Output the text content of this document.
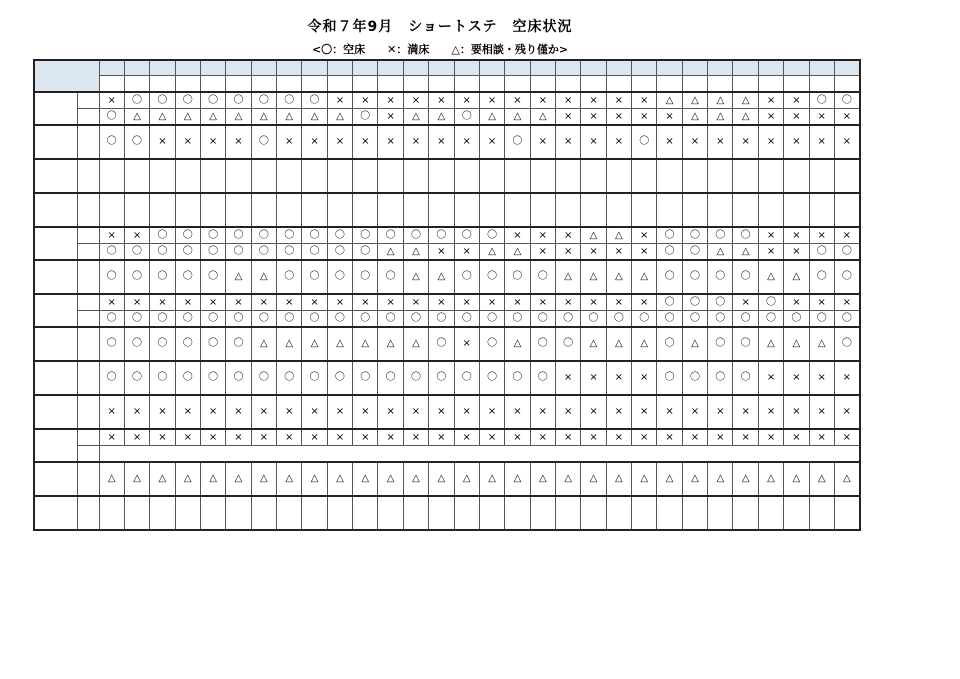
令和７年9月　ショートステ　空床状況
<〇：空床　　✕：満床　　△：要相談・残り僅か>

		×	〇	〇	〇	〇	〇	〇	〇	〇	×	×	×	×	×	×	×	×	×	×	×	×	×	△	△	△	△	×	×	〇	〇
		〇	△	△	△	△	△	△	△	△	△	〇	×	△	△	〇	△	△	△	×	×	×	×	×	△	△	△	×	×	×	×
		〇	〇	×	×	×	×	〇	×	×	×	×	×	×	×	×	×	〇	×	×	×	×	〇	×	×	×	×	×	×	×	×

		×	×	〇	〇	〇	〇	〇	〇	〇	〇	〇	〇	〇	〇	〇	〇	×	×	×	△	△	×	〇	〇	〇	〇	×	×	×	×
		〇	〇	〇	〇	〇	〇	〇	〇	〇	〇	〇	△	△	×	×	△	△	×	×	×	×	×	〇	〇	△	△	×	×	〇	〇
		〇	〇	〇	〇	〇	△	△	〇	〇	〇	〇	〇	△	△	〇	〇	〇	〇	△	△	△	△	〇	〇	〇	〇	△	△	〇	〇
		×	×	×	×	×	×	×	×	×	×	×	×	×	×	×	×	×	×	×	×	×	×	〇	〇	〇	×	〇	×	×	×
		〇	〇	〇	〇	〇	〇	〇	〇	〇	〇	〇	〇	〇	〇	〇	〇	〇	〇	〇	〇	〇	〇	〇	〇	〇	〇	〇	〇	〇	〇
		〇	〇	〇	〇	〇	〇	△	△	△	△	△	△	△	〇	×	〇	△	〇	〇	△	△	△	〇	△	〇	〇	△	△	△	〇
		〇	〇	〇	〇	〇	〇	〇	〇	〇	〇	〇	〇	〇	〇	〇	〇	〇	〇	×	×	×	×	〇	〇	〇	〇	×	×	×	×
		×	×	×	×	×	×	×	×	×	×	×	×	×	×	×	×	×	×	×	×	×	×	×	×	×	×	×	×	×	×
		×	×	×	×	×	×	×	×	×	×	×	×	×	×	×	×	×	×	×	×	×	×	×	×	×	×	×	×	×	×

		△	△	△	△	△	△	△	△	△	△	△	△	△	△	△	△	△	△	△	△	△	△	△	△	△	△	△	△	△	△
